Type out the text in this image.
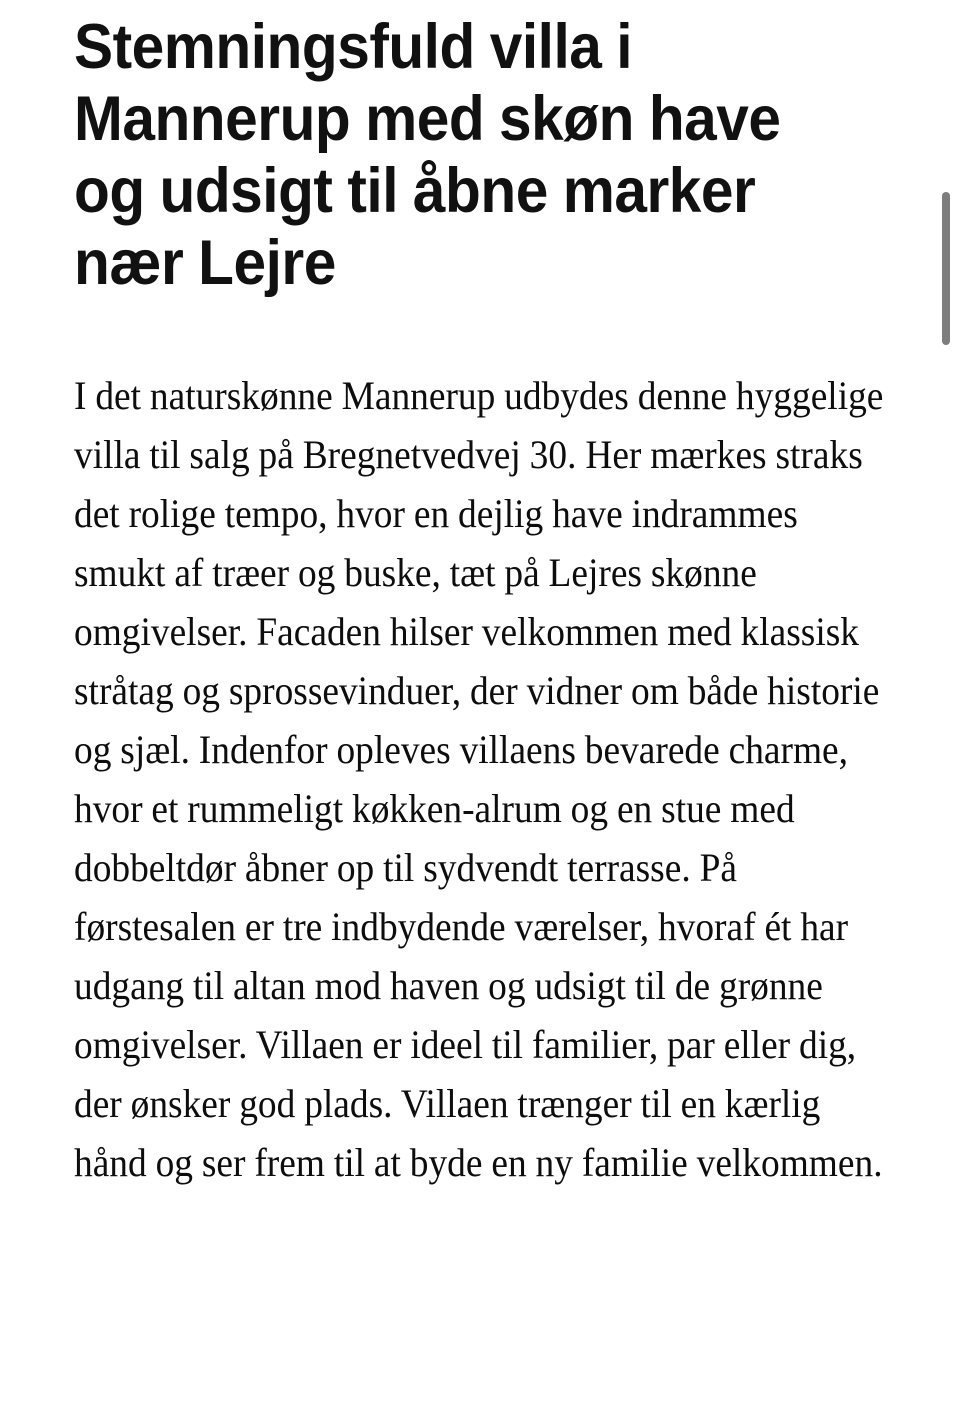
Stemningsfuld villa i Mannerup med skøn have og udsigt til åbne marker nær Lejre

I det naturskønne Mannerup udbydes denne hyggelige villa til salg på Bregnetvedvej 30. Her mærkes straks det rolige tempo, hvor en dejlig have indrammes smukt af træer og buske, tæt på Lejres skønne omgivelser. Facaden hilser velkommen med klassisk stråtag og sprossevinduer, der vidner om både historie og sjæl. Indenfor opleves villaens bevarede charme, hvor et rummeligt køkken-alrum og en stue med dobbeltdør åbner op til sydvendt terrasse. På førstesalen er tre indbydende værelser, hvoraf ét har udgang til altan mod haven og udsigt til de grønne omgivelser. Villaen er ideel til familier, par eller dig, der ønsker god plads. Villaen trænger til en kærlig hånd og ser frem til at byde en ny familie velkommen.
